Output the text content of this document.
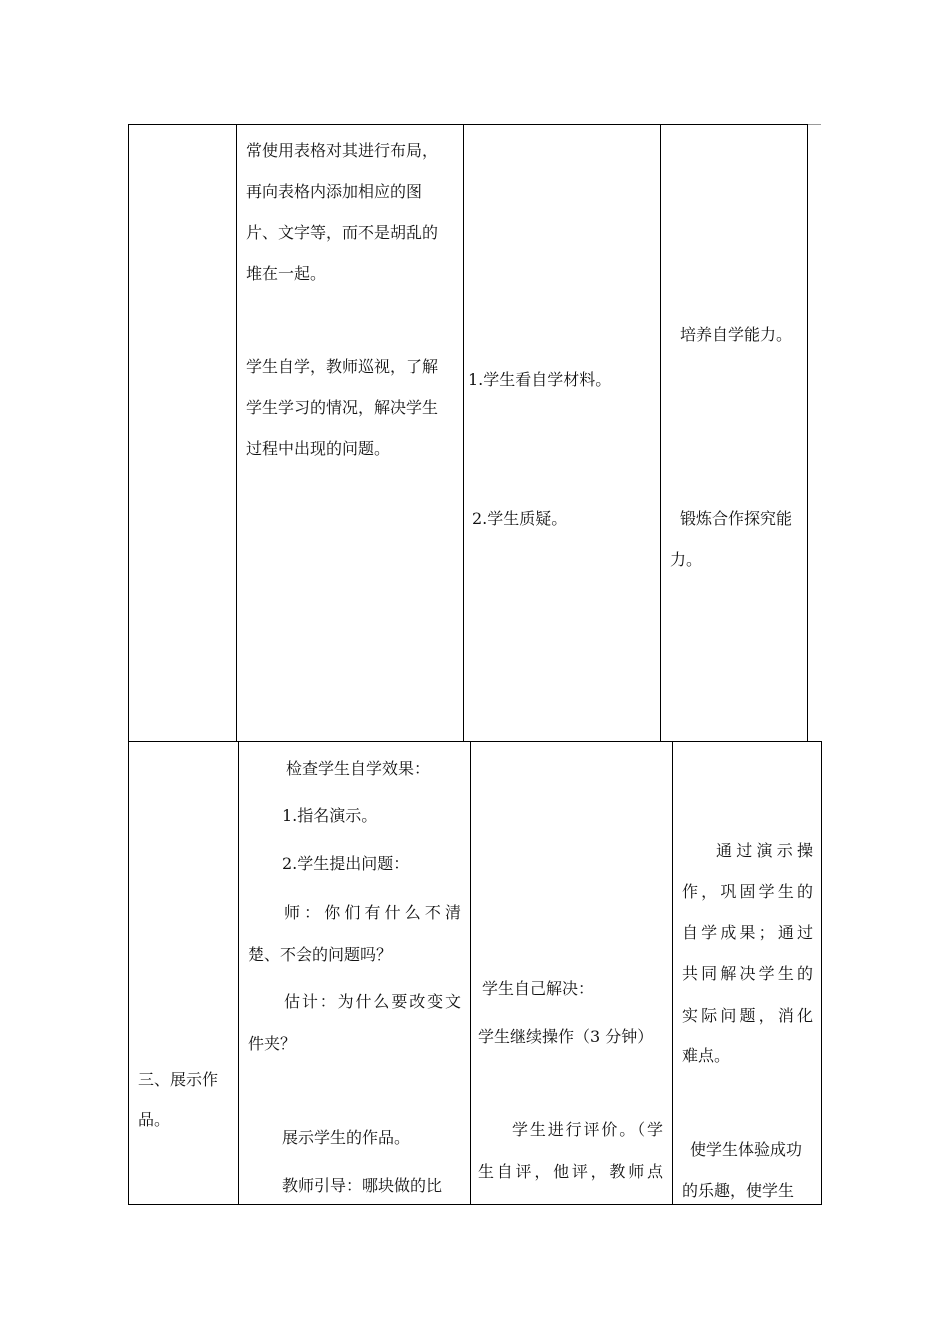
常使用表格对其进行布局，
再向表格内添加相应的图
片、文字等，而不是胡乱的
堆在一起。
学生自学，教师巡视，了解
学生学习的情况，解决学生
过程中出现的问题。
1.学生看自学材料。
2.学生质疑。
培养自学能力。
锻炼合作探究能
力。
三、展示作
品。
检查学生自学效果：
1.指名演示。
2.学生提出问题：
师：你们有什么不清
楚、不会的问题吗？
估计：为什么要改变文
件夹？
展示学生的作品。
教师引导：哪块做的比
学生自己解决：
学生继续操作（3 分钟）
学生进行评价。（学
生自评，他评，教师点
通过演示操
作，巩固学生的
自学成果；通过
共同解决学生的
实际问题，消化
难点。
使学生体验成功
的乐趣，使学生
